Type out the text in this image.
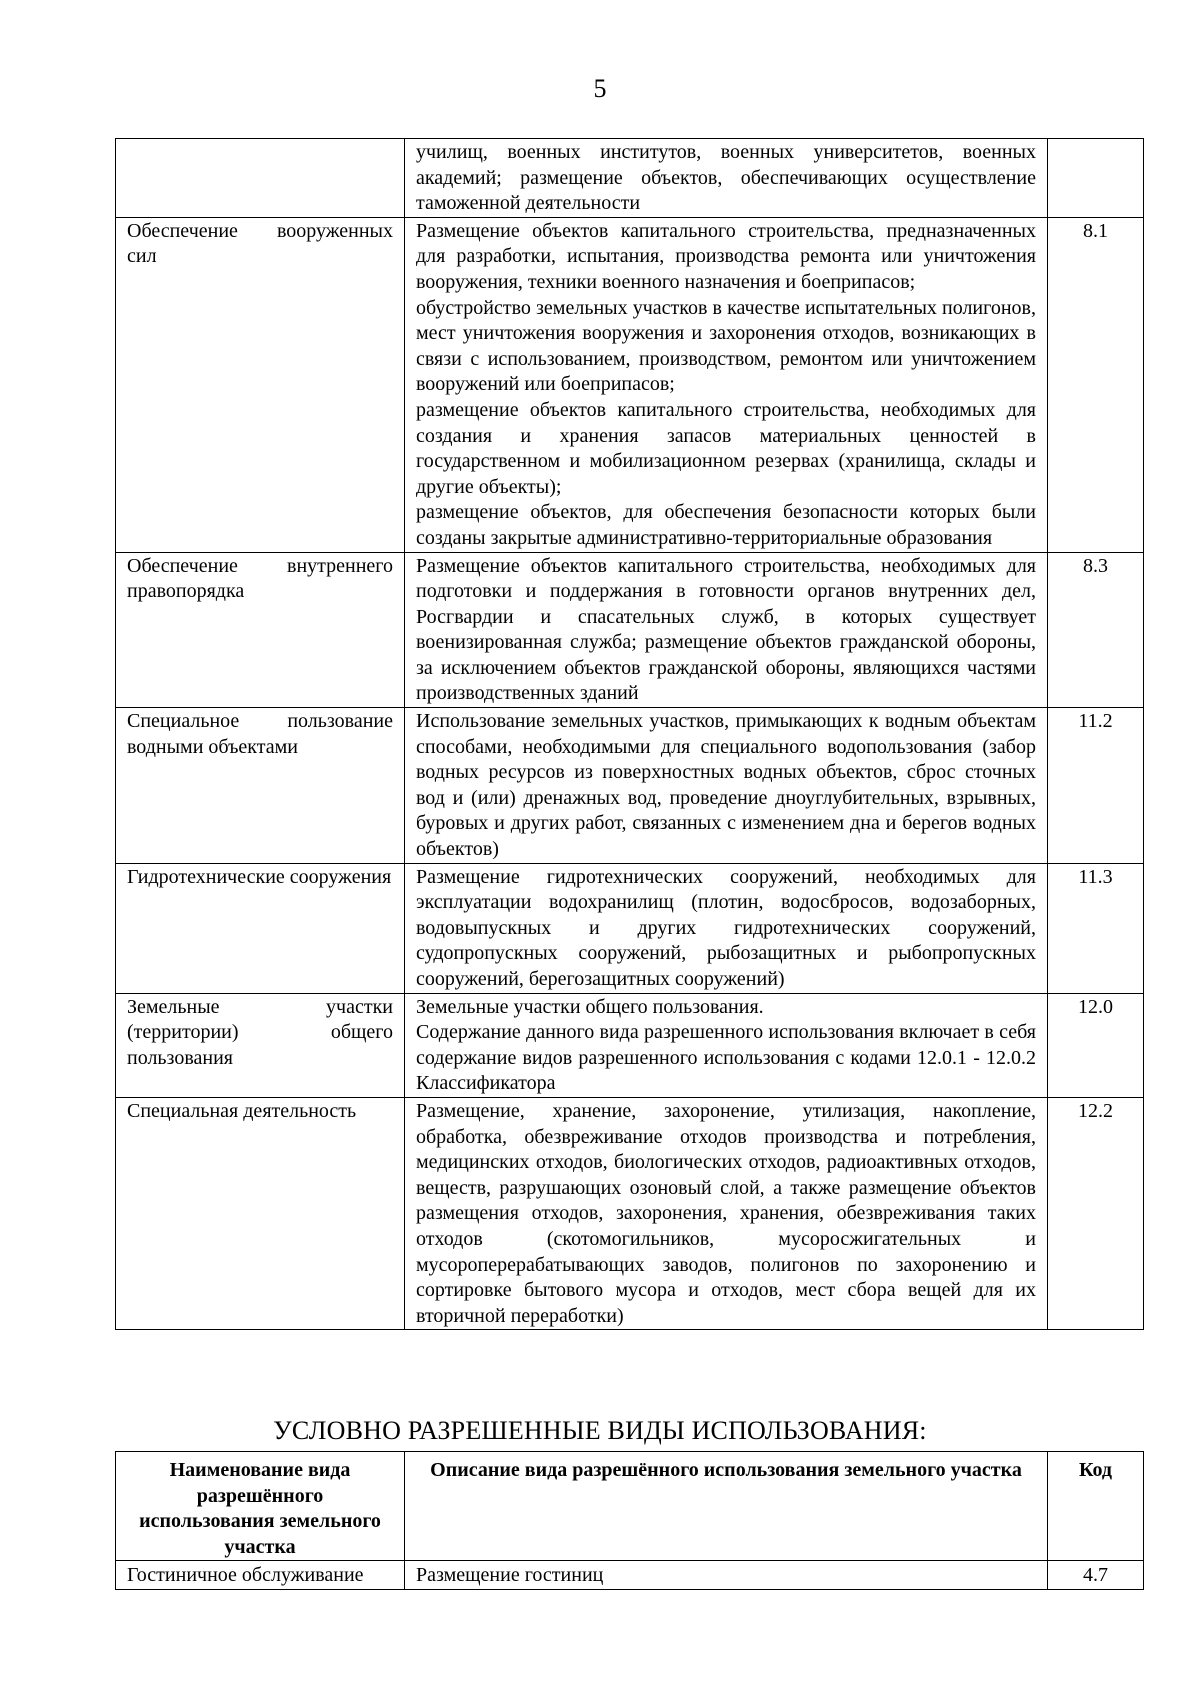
5

	училищ, военных институтов, военных университетов, военных академий; размещение объектов, обеспечивающих осуществление таможенной деятельности	

Обеспечение вооруженных сил	Размещение объектов капитального строительства, предназначенных для разработки, испытания, производства ремонта или уничтожения вооружения, техники военного назначения и боеприпасов;
обустройство земельных участков в качестве испытательных полигонов, мест уничтожения вооружения и захоронения отходов, возникающих в связи с использованием, производством, ремонтом или уничтожением вооружений или боеприпасов;
размещение объектов капитального строительства, необходимых для создания и хранения запасов материальных ценностей в государственном и мобилизационном резервах (хранилища, склады и другие объекты);
размещение объектов, для обеспечения безопасности которых были созданы закрытые административно-территориальные образования	8.1
Обеспечение внутреннего правопорядка	Размещение объектов капитального строительства, необходимых для подготовки и поддержания в готовности органов внутренних дел, Росгвардии и спасательных служб, в которых существует военизированная служба; размещение объектов гражданской обороны, за исключением объектов гражданской обороны, являющихся частями производственных зданий	8.3
Специальное пользование водными объектами	Использование земельных участков, примыкающих к водным объектам способами, необходимыми для специального водопользования (забор водных ресурсов из поверхностных водных объектов, сброс сточных вод и (или) дренажных вод, проведение дноуглубительных, взрывных, буровых и других работ, связанных с изменением дна и берегов водных объектов)	11.2
Гидротехнические сооружения	Размещение гидротехнических сооружений, необходимых для эксплуатации водохранилищ (плотин, водосбросов, водозаборных, водовыпускных и других гидротехнических сооружений, судопропускных сооружений, рыбозащитных и рыбопропускных сооружений, берегозащитных сооружений)	11.3
Земельные участки (территории) общего пользования	Земельные участки общего пользования.
Содержание данного вида разрешенного использования включает в себя содержание видов разрешенного использования с кодами 12.0.1 - 12.0.2 Классификатора	12.0
Специальная деятельность	Размещение, хранение, захоронение, утилизация, накопление, обработка, обезвреживание отходов производства и потребления, медицинских отходов, биологических отходов, радиоактивных отходов, веществ, разрушающих озоновый слой, а также размещение объектов размещения отходов, захоронения, хранения, обезвреживания таких отходов (скотомогильников, мусоросжигательных и мусороперерабатывающих заводов, полигонов по захоронению и сортировке бытового мусора и отходов, мест сбора вещей для их вторичной переработки)	12.2
УСЛОВНО РАЗРЕШЕННЫЕ ВИДЫ ИСПОЛЬЗОВАНИЯ:
Наименование вида разрешённого использования земельного участка	Описание вида разрешённого использования земельного участка	Код
Гостиничное обслуживание	Размещение гостиниц	4.7
